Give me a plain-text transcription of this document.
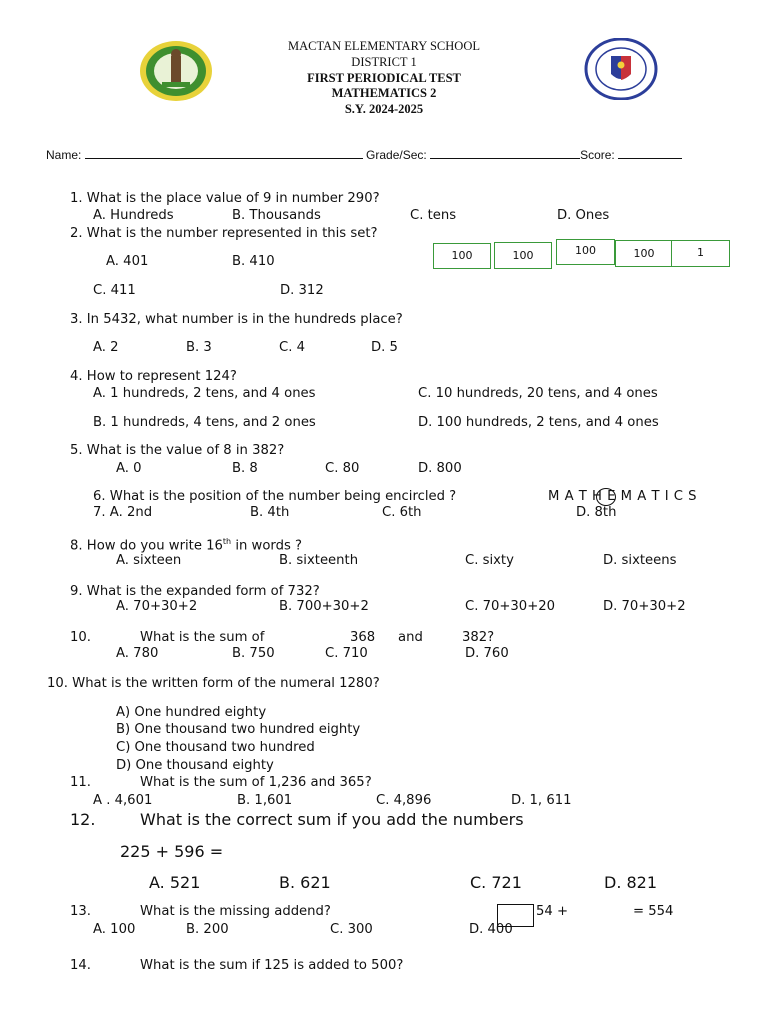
MACTAN ELEMENTARY SCHOOL
DISTRICT 1
FIRST PERIODICAL TEST
MATHEMATICS 2
S.Y. 2024-2025
Name:	Grade/Sec:	Score:
1. What is the place value of 9 in number 290?
A. Hundreds	B. Thousands	C. tens	D. Ones
2. What is the number represented in this set?
100	100	100	100	1
A. 401	B. 410
C. 411	D. 312
3. In 5432, what number is in the hundreds place?
A. 2	B. 3	C. 4	D. 5
4. How to represent 124?
A. 1 hundreds, 2 tens, and 4 ones	C. 10 hundreds, 20 tens, and 4 ones
B. 1 hundreds, 4 tens, and 2 ones	D. 100 hundreds, 2 tens, and 4 ones
5. What is the value of 8 in 382?
A. 0	B. 8	C. 80	D. 800
6. What is the position of the number being encircled ?	M A T H E M A T I C S
7. A. 2nd	B. 4th	C. 6th	D. 8th
8. How do you write 16th in words ?
A. sixteen	B. sixteenth	C. sixty	D. sixteens
9. What is the expanded form of 732?
A. 70+30+2	B. 700+30+2	C. 70+30+20	D. 70+30+2
10.	What is the sum of	368 and	382?
A. 780	B. 750	C. 710	D. 760
10. What is the written form of the numeral 1280?
A) One hundred eighty
B) One thousand two hundred eighty
C) One thousand two hundred
D) One thousand eighty
11.	What is the sum of 1,236 and 365?
A . 4,601	B. 1,601	C. 4,896	D. 1, 611
12.	What is the correct sum if you add the numbers
225 + 596 =
A. 521	B. 621	C. 721	D. 821
13.	What is the missing addend?	54 +	= 554
A. 100	B. 200	C. 300	D. 400
14.	What is the sum if 125 is added to 500?
